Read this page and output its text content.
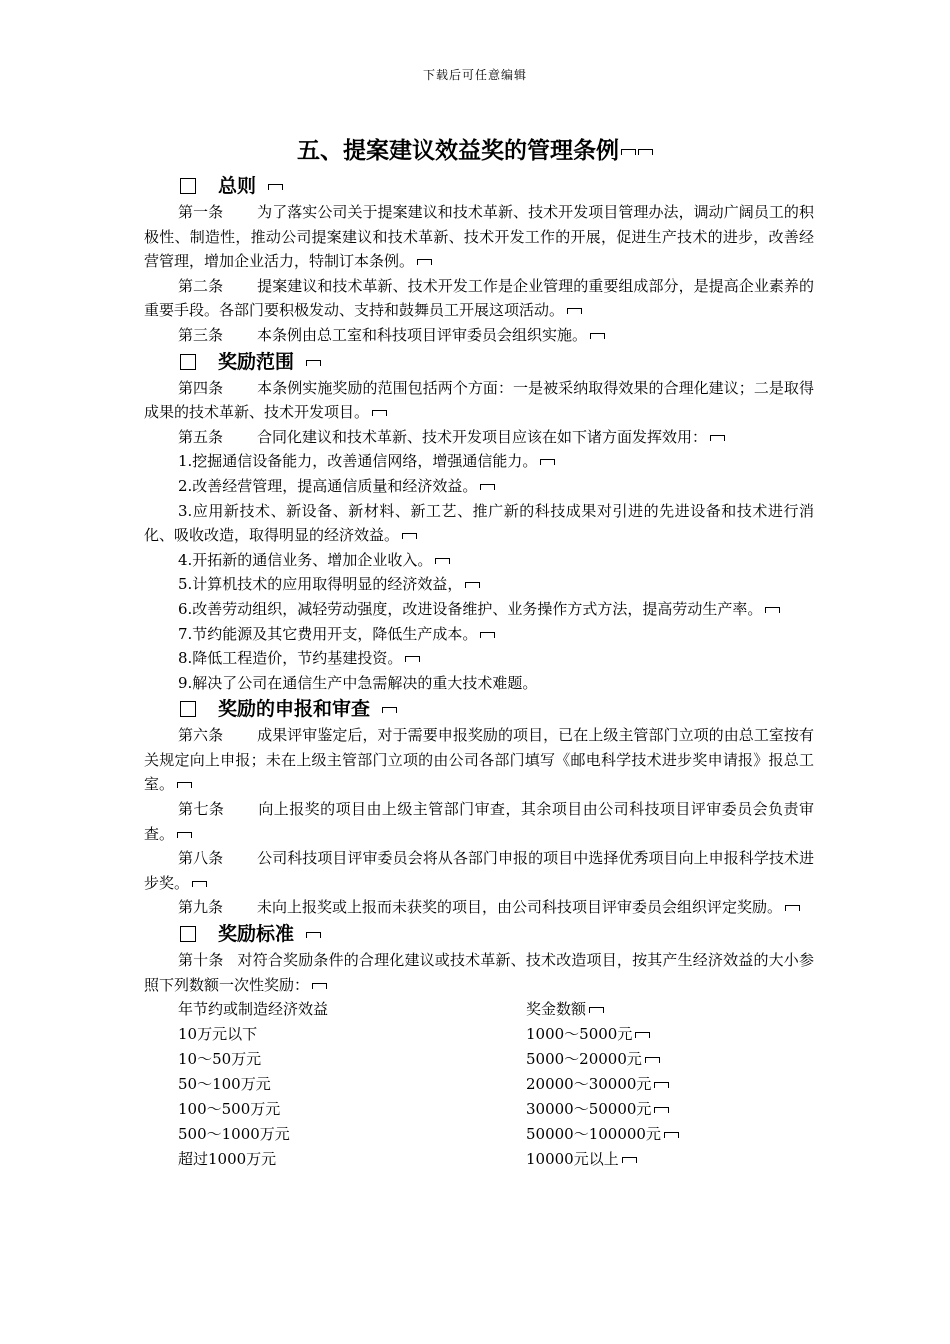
下载后可任意编辑
五、提案建议效益奖的管理条例
总则
第一条 为了落实公司关于提案建议和技术革新、技术开发项目管理办法，调动广阔员工的积极性、制造性，推动公司提案建议和技术革新、技术开发工作的开展，促进生产技术的进步，改善经营管理，增加企业活力，特制订本条例。
第二条 提案建议和技术革新、技术开发工作是企业管理的重要组成部分，是提高企业素养的重要手段。各部门要积极发动、支持和鼓舞员工开展这项活动。
第三条 本条例由总工室和科技项目评审委员会组织实施。
奖励范围
第四条 本条例实施奖励的范围包括两个方面：一是被采纳取得效果的合理化建议；二是取得成果的技术革新、技术开发项目。
第五条 合同化建议和技术革新、技术开发项目应该在如下诸方面发挥效用：
1.挖掘通信设备能力，改善通信网络，增强通信能力。
2.改善经营管理，提高通信质量和经济效益。
3.应用新技术、新设备、新材料、新工艺、推广新的科技成果对引进的先进设备和技术进行消化、吸收改造，取得明显的经济效益。
4.开拓新的通信业务、增加企业收入。
5.计算机技术的应用取得明显的经济效益，
6.改善劳动组织，减轻劳动强度，改进设备维护、业务操作方式方法，提高劳动生产率。
7.节约能源及其它费用开支，降低生产成本。
8.降低工程造价，节约基建投资。
9.解决了公司在通信生产中急需解决的重大技术难题。
奖励的申报和审查
第六条 成果评审鉴定后，对于需要申报奖励的项目，已在上级主管部门立项的由总工室按有关规定向上申报；未在上级主管部门立项的由公司各部门填写《邮电科学技术进步奖申请报》报总工室。
第七条 向上报奖的项目由上级主管部门审查，其余项目由公司科技项目评审委员会负责审查。
第八条 公司科技项目评审委员会将从各部门申报的项目中选择优秀项目向上申报科学技术进步奖。
第九条 未向上报奖或上报而未获奖的项目，由公司科技项目评审委员会组织评定奖励。
奖励标准
第十条 对符合奖励条件的合理化建议或技术革新、技术改造项目，按其产生经济效益的大小参照下列数额一次性奖励：
年节约或制造经济效益	奖金数额
10万元以下	1000～5000元
10～50万元	5000～20000元
50～100万元	20000～30000元
100～500万元	30000～50000元
500～1000万元	50000～100000元
超过1000万元	10000元以上
